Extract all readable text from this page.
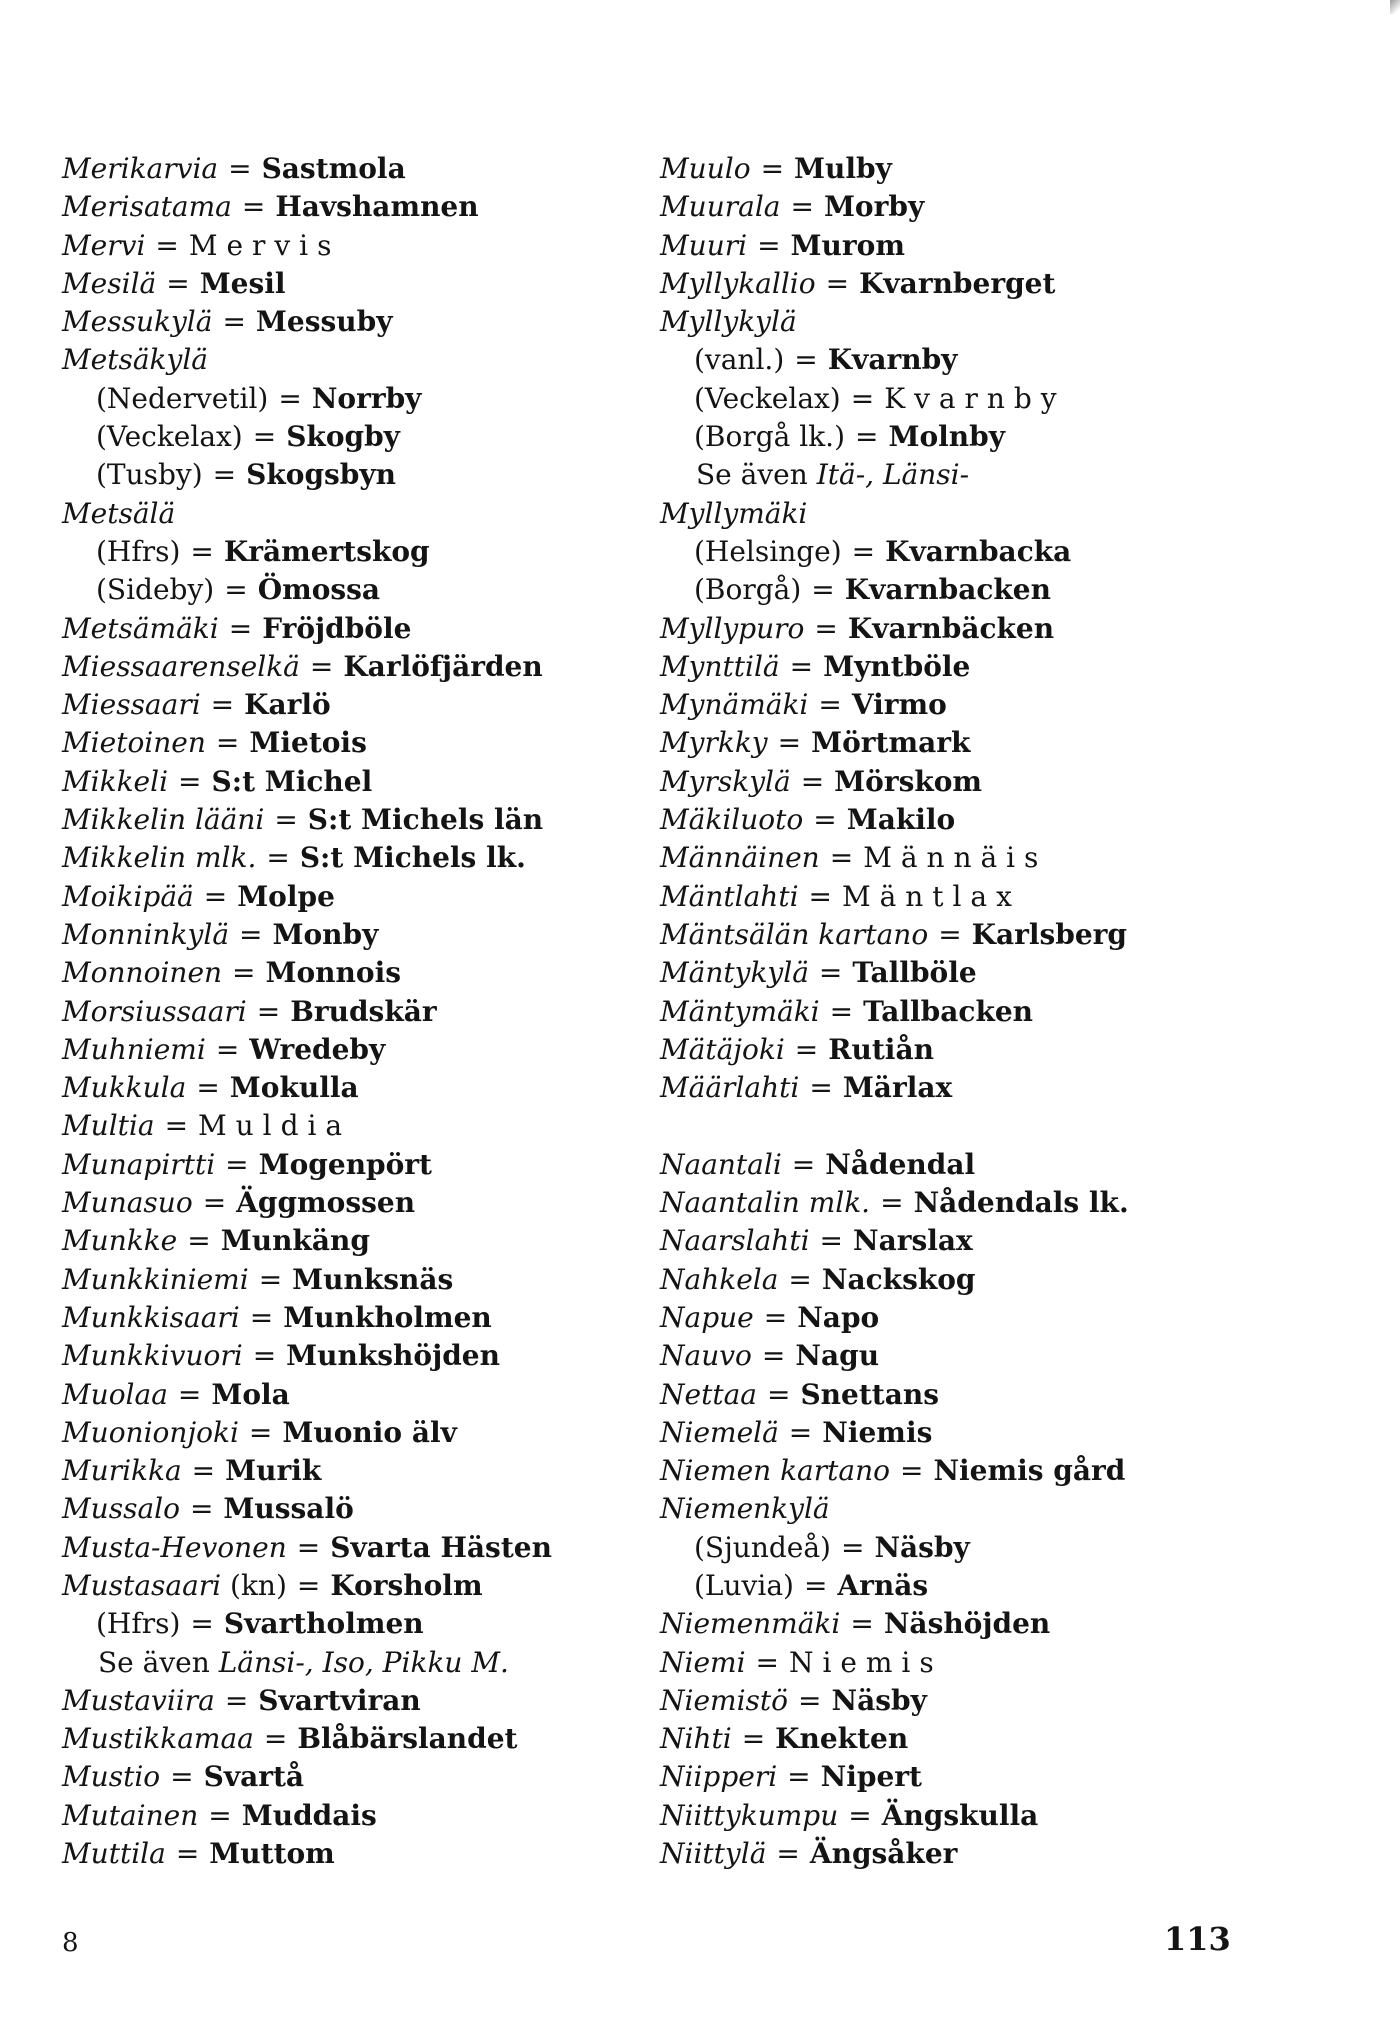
Merikarvia = Sastmola
Merisatama = Havshamnen
Mervi = Mervis
Mesilä = Mesil
Messukylä = Messuby
Metsäkylä
(Nedervetil) = Norrby
(Veckelax) = Skogby
(Tusby) = Skogsbyn
Metsälä
(Hfrs) = Krämertskog
(Sideby) = Ömossa
Metsämäki = Fröjdböle
Miessaarenselkä = Karlöfjärden
Miessaari = Karlö
Mietoinen = Mietois
Mikkeli = S:t Michel
Mikkelin lääni = S:t Michels län
Mikkelin mlk. = S:t Michels lk.
Moikipää = Molpe
Monninkylä = Monby
Monnoinen = Monnois
Morsiussaari = Brudskär
Muhniemi = Wredeby
Mukkula = Mokulla
Multia = Muldia
Munapirtti = Mogenpört
Munasuo = Äggmossen
Munkke = Munkäng
Munkkiniemi = Munksnäs
Munkkisaari = Munkholmen
Munkkivuori = Munkshöjden
Muolaa = Mola
Muonionjoki = Muonio älv
Murikka = Murik
Mussalo = Mussalö
Musta-Hevonen = Svarta Hästen
Mustasaari (kn) = Korsholm
(Hfrs) = Svartholmen
Se även Länsi-, Iso, Pikku M.
Mustaviira = Svartviran
Mustikkamaa = Blåbärslandet
Mustio = Svartå
Mutainen = Muddais
Muttila = Muttom
Muulo = Mulby
Muurala = Morby
Muuri = Murom
Myllykallio = Kvarnberget
Myllykylä
(vanl.) = Kvarnby
(Veckelax) = Kvarnby
(Borgå lk.) = Molnby
Se även Itä-, Länsi-
Myllymäki
(Helsinge) = Kvarnbacka
(Borgå) = Kvarnbacken
Myllypuro = Kvarnbäcken
Mynttilä = Myntböle
Mynämäki = Virmo
Myrkky = Mörtmark
Myrskylä = Mörskom
Mäkiluoto = Makilo
Männäinen = Männäis
Mäntlahti = Mäntlax
Mäntsälän kartano = Karlsberg
Mäntykylä = Tallböle
Mäntymäki = Tallbacken
Mätäjoki = Rutiån
Määrlahti = Märlax
Naantali = Nådendal
Naantalin mlk. = Nådendals lk.
Naarslahti = Narslax
Nahkela = Nackskog
Napue = Napo
Nauvo = Nagu
Nettaa = Snettans
Niemelä = Niemis
Niemen kartano = Niemis gård
Niemenkylä
(Sjundeå) = Näsby
(Luvia) = Arnäs
Niemenmäki = Näshöjden
Niemi = Niemis
Niemistö = Näsby
Nihti = Knekten
Niipperi = Nipert
Niittykumpu = Ängskulla
Niittylä = Ängsåker
8	113
